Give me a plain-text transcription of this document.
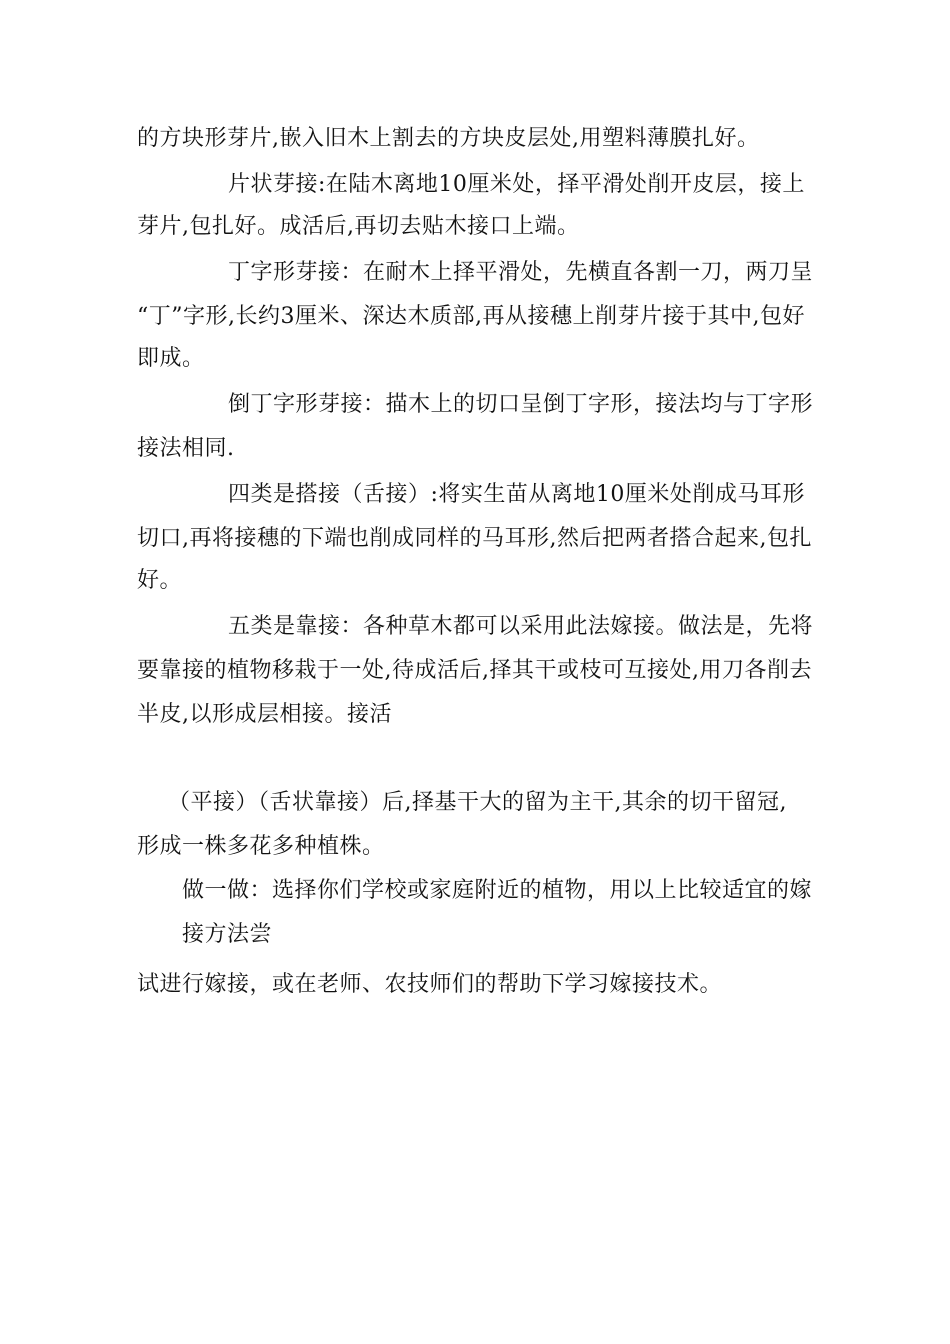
的方块形芽片,嵌入旧木上割去的方块皮层处,用塑料薄膜扎好。
片状芽接:在陆木离地10厘米处，择平滑处削开皮层，接上
芽片,包扎好。成活后,再切去贴木接口上端。
丁字形芽接：在耐木上择平滑处，先横直各割一刀，两刀呈
“丁”字形,长约3厘米、深达木质部,再从接穗上削芽片接于其中,包好
即成。
倒丁字形芽接：描木上的切口呈倒丁字形，接法均与丁字形
接法相同.
四类是搭接（舌接）:将实生苗从离地10厘米处削成马耳形
切口,再将接穗的下端也削成同样的马耳形,然后把两者搭合起来,包扎
好。
五类是靠接：各种草木都可以采用此法嫁接。做法是，先将
要靠接的植物移栽于一处,待成活后,择其干或枝可互接处,用刀各削去
半皮,以形成层相接。接活
（平接）（舌状靠接）后,择基干大的留为主干,其余的切干留冠,
形成一株多花多种植株。
做一做：选择你们学校或家庭附近的植物，用以上比较适宜的嫁
接方法尝
试进行嫁接，或在老师、农技师们的帮助下学习嫁接技术。
